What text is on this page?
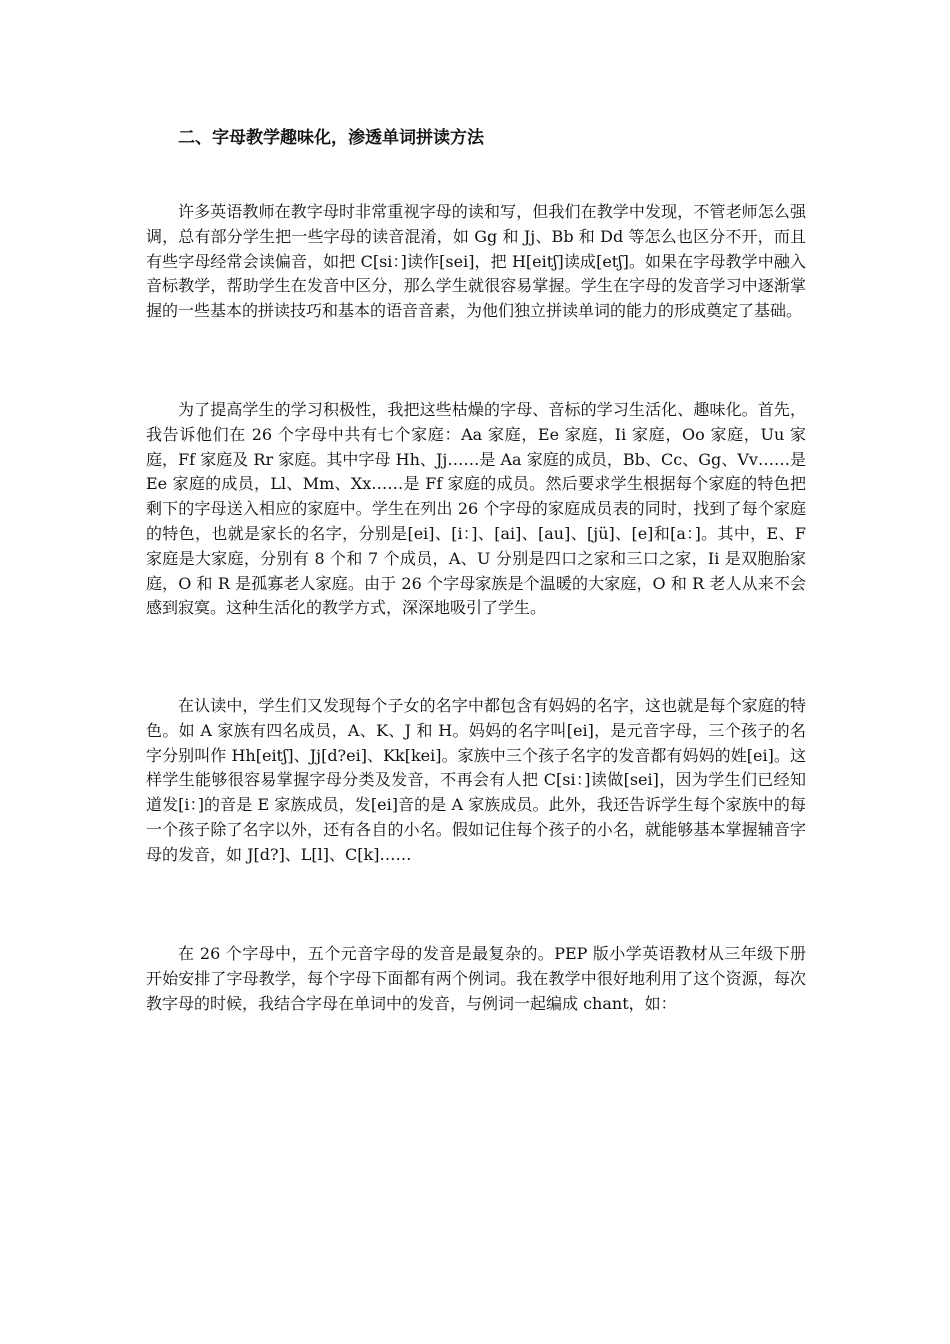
二、字母教学趣味化，渗透单词拼读方法

许多英语教师在教字母时非常重视字母的读和写，但我们在教学中发现，不管老师怎么强调，总有部分学生把一些字母的读音混淆，如 Gg 和 Jj、Bb 和 Dd 等怎么也区分不开，而且有些字母经常会读偏音，如把 C[si：]读作[sei]，把 H[eitʃ]读成[etʃ]。如果在字母教学中融入音标教学，帮助学生在发音中区分，那么学生就很容易掌握。学生在字母的发音学习中逐渐掌握的一些基本的拼读技巧和基本的语音音素，为他们独立拼读单词的能力的形成奠定了基础。

为了提高学生的学习积极性，我把这些枯燥的字母、音标的学习生活化、趣味化。首先，我告诉他们在 26 个字母中共有七个家庭：Aa 家庭，Ee 家庭，Ii 家庭，Oo 家庭，Uu 家庭，Ff 家庭及 Rr 家庭。其中字母 Hh、Jj……是 Aa 家庭的成员，Bb、Cc、Gg、Vv……是 Ee 家庭的成员，Ll、Mm、Xx……是 Ff 家庭的成员。然后要求学生根据每个家庭的特色把剩下的字母送入相应的家庭中。学生在列出 26 个字母的家庭成员表的同时，找到了每个家庭的特色，也就是家长的名字，分别是[ei]、[i：]、[ai]、[au]、[jü]、[e]和[a：]。其中，E、F 家庭是大家庭，分别有 8 个和 7 个成员，A、U 分别是四口之家和三口之家，Ii 是双胞胎家庭，O 和 R 是孤寡老人家庭。由于 26 个字母家族是个温暖的大家庭，O 和 R 老人从来不会感到寂寞。这种生活化的教学方式，深深地吸引了学生。

在认读中，学生们又发现每个子女的名字中都包含有妈妈的名字，这也就是每个家庭的特色。如 A 家族有四名成员，A、K、J 和 H。妈妈的名字叫[ei]，是元音字母，三个孩子的名字分别叫作 Hh[eitʃ]、Jj[d?ei]、Kk[kei]。家族中三个孩子名字的发音都有妈妈的姓[ei]。这样学生能够很容易掌握字母分类及发音，不再会有人把 C[si：]读做[sei]，因为学生们已经知道发[i：]的音是 E 家族成员，发[ei]音的是 A 家族成员。此外，我还告诉学生每个家族中的每一个孩子除了名字以外，还有各自的小名。假如记住每个孩子的小名，就能够基本掌握辅音字母的发音，如 J[d?]、L[l]、C[k]……

在 26 个字母中，五个元音字母的发音是最复杂的。PEP 版小学英语教材从三年级下册开始安排了字母教学，每个字母下面都有两个例词。我在教学中很好地利用了这个资源，每次教字母的时候，我结合字母在单词中的发音，与例词一起编成 chant，如：
